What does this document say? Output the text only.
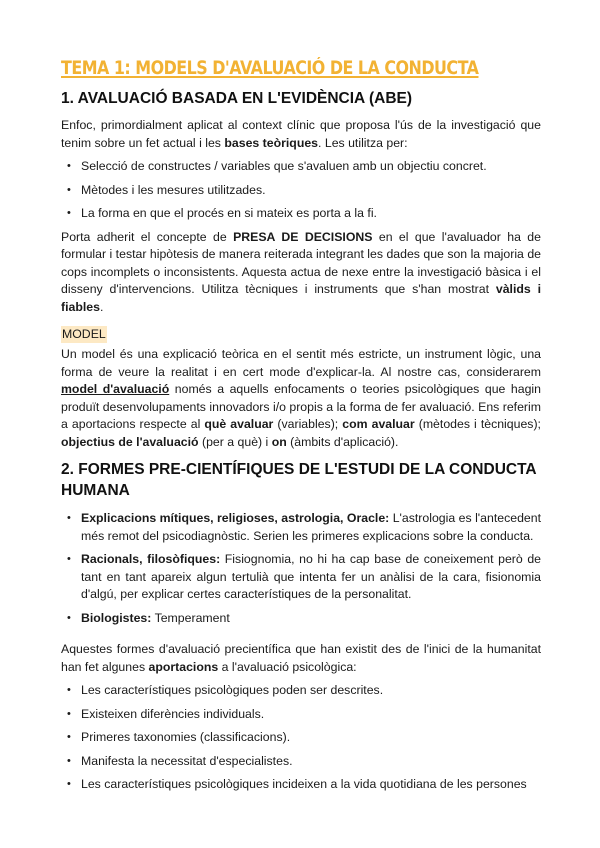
TEMA 1: MODELS D'AVALUACIÓ DE LA CONDUCTA
1. AVALUACIÓ BASADA EN L'EVIDÈNCIA (ABE)

Enfoc, primordialment aplicat al context clínic que proposa l'ús de la investigació que tenim sobre un fet actual i les bases teòriques. Les utilitza per:

• Selecció de constructes / variables que s'avaluen amb un objectiu concret.
• Mètodes i les mesures utilitzades.
• La forma en que el procés en si mateix es porta a la fi.

Porta adherit el concepte de PRESA DE DECISIONS en el que l'avaluador ha de formular i testar hipòtesis de manera reiterada integrant les dades que son la majoria de cops incomplets o inconsistents. Aquesta actua de nexe entre la investigació bàsica i el disseny d'intervencions. Utilitza tècniques i instruments que s'han mostrat vàlids i fiables.

MODEL

Un model és una explicació teòrica en el sentit més estricte, un instrument lògic, una forma de veure la realitat i en cert mode d'explicar-la. Al nostre cas, considerarem model d'avaluació només a aquells enfocaments o teories psicològiques que hagin produït desenvolupaments innovadors i/o propis a la forma de fer avaluació. Ens referim a aportacions respecte al què avaluar (variables); com avaluar (mètodes i tècniques); objectius de l'avaluació (per a què) i on (àmbits d'aplicació).

2. FORMES PRE-CIENTÍFIQUES DE L'ESTUDI DE LA CONDUCTA HUMANA
• Explicacions mítiques, religioses, astrologia, Oracle: L'astrologia es l'antecedent més remot del psicodiagnòstic. Serien les primeres explicacions sobre la conducta.
• Racionals, filosòfiques: Fisiognomia, no hi ha cap base de coneixement però de tant en tant apareix algun tertulià que intenta fer un anàlisi de la cara, fisionomia d'algú, per explicar certes característiques de la personalitat.
• Biologistes: Temperament

Aquestes formes d'avaluació precientífica que han existit des de l'inici de la humanitat han fet algunes aportacions a l'avaluació psicològica:

• Les característiques psicològiques poden ser descrites.
• Existeixen diferències individuals.
• Primeres taxonomies (classificacions).
• Manifesta la necessitat d'especialistes.
• Les característiques psicològiques incideixen a la vida quotidiana de les persones
